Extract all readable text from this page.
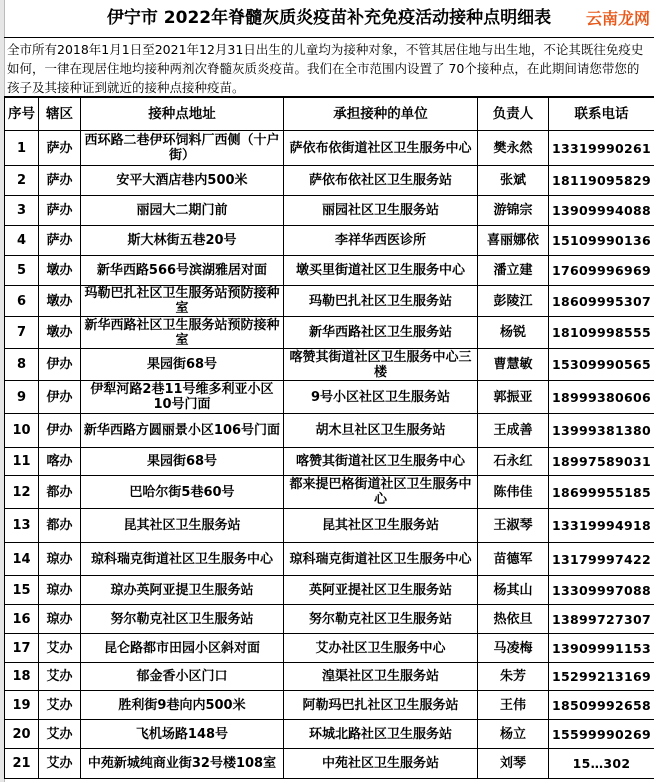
伊宁市 2022年脊髓灰质炎疫苗补充免疫活动接种点明细表
全市所有2018年1月1日至2021年12月31日出生的儿童均为接种对象，不管其居住地与出生地，不论其既往免疫史如何，一律在现居住地均接种两剂次脊髓灰质炎疫苗。我们在全市范围内设置了 70个接种点，在此期间请您带您的孩子及其接种证到就近的接种点接种疫苗。
序号	辖区	接种点地址	承担接种的单位	负责人	联系电话
1	萨办	西环路二巷伊环饲料厂西侧（十户街）	萨依布依街道社区卫生服务中心	樊永然	13319990261
2	萨办	安平大酒店巷内500米	萨依布依社区卫生服务站	张斌	18119095829
3	萨办	丽园大二期门前	丽园社区卫生服务站	游锦宗	13909994088
4	萨办	斯大林街五巷20号	李祥华西医诊所	喜丽娜依	15109990136
5	墩办	新华西路566号滨湖雅居对面	墩买里街道社区卫生服务中心	潘立建	17609996969
6	墩办	玛勒巴扎社区卫生服务站预防接种室	玛勒巴扎社区卫生服务站	彭陵江	18609995307
7	墩办	新华西路社区卫生服务站预防接种室	新华西路社区卫生服务站	杨锐	18109998555
8	伊办	果园街68号	喀赞其街道社区卫生服务中心三楼	曹慧敏	15309990565
9	伊办	伊犁河路2巷11号维多利亚小区10号门面	9号小区社区卫生服务站	郭振亚	18999380606
10	伊办	新华西路方圆丽景小区106号门面	胡木旦社区卫生服务站	王成善	13999381380
11	喀办	果园街68号	喀赞其街道社区卫生服务中心	石永红	18997589031
12	都办	巴哈尔街5巷60号	都来提巴格街道社区卫生服务中心	陈伟佳	18699955185
13	都办	昆其社区卫生服务站	昆其社区卫生服务站	王淑琴	13319994918
14	琼办	琼科瑞克街道社区卫生服务中心	琼科瑞克街道社区卫生服务中心	苗德军	13179997422
15	琼办	琼办英阿亚提卫生服务站	英阿亚提社区卫生服务站	杨其山	13309997088
16	琼办	努尔勒克社区卫生服务站	努尔勒克社区卫生服务站	热依旦	13899727307
17	艾办	昆仑路都市田园小区斜对面	艾办社区卫生服务中心	马凌梅	13909991153
18	艾办	郁金香小区门口	湟渠社区卫生服务站	朱芳	15299213169
19	艾办	胜利街9巷向内500米	阿勒玛巴扎社区卫生服务站	王伟	18509992658
20	艾办	飞机场路148号	环城北路社区卫生服务站	杨立	15599990269
21	艾办	中苑新城纯商业街32号楼108室	中苑社区卫生服务站	刘琴	15…302
云南龙网
